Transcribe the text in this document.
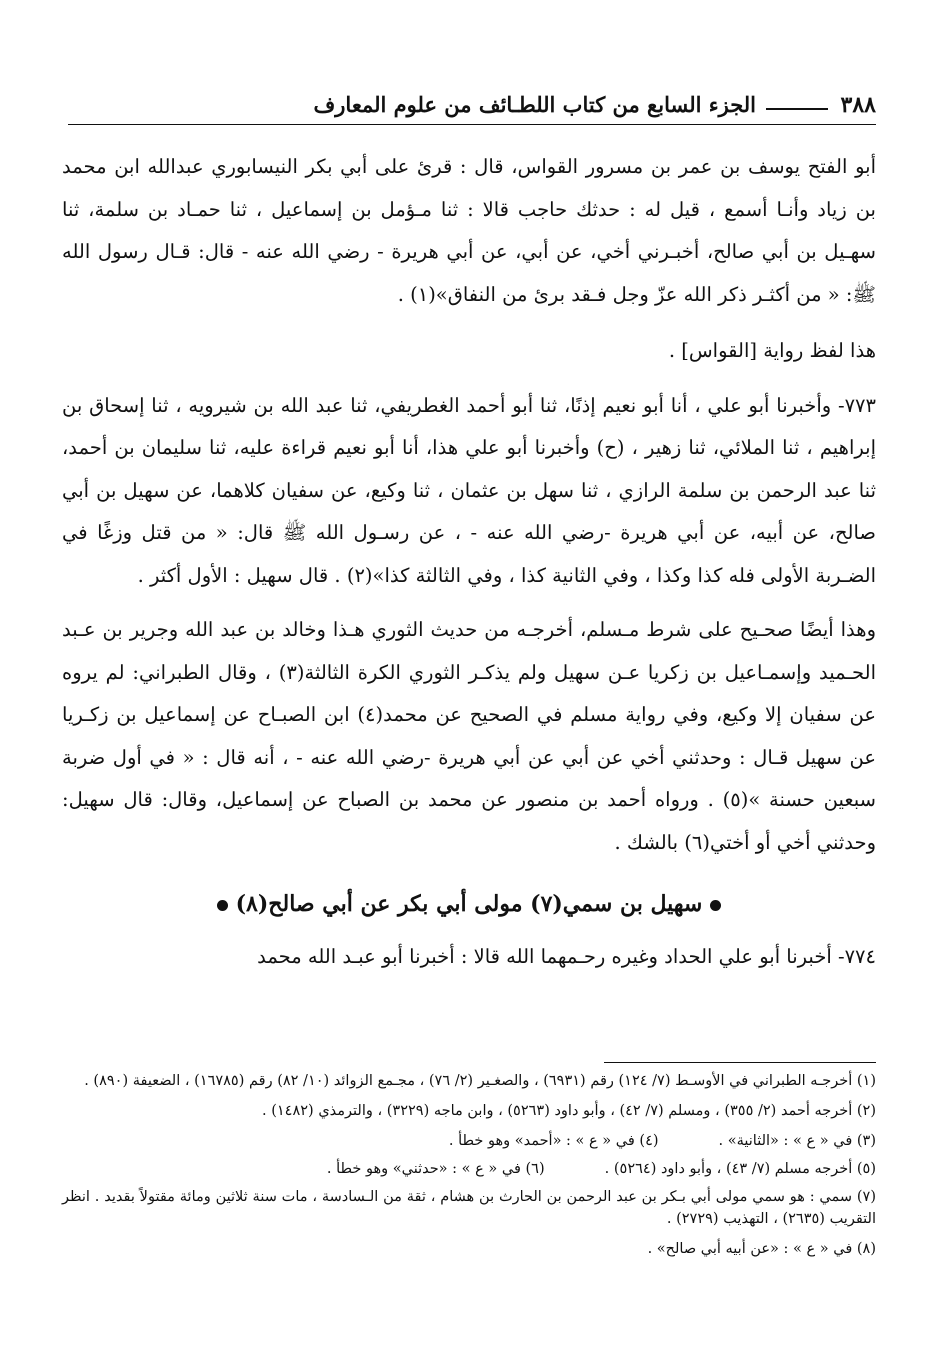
٣٨٨
الجزء السابع من كتاب اللطـائف من علوم المعارف

أبو الفتح يوسف بن عمر بن مسرور القواس، قال : قرئ على أبي بكر النيسابوري عبدالله ابن محمد بن زياد وأنـا أسمع ، قيل له : حدثك حاجب قالا : ثنا مـؤمل بن إسماعيل ، ثنا حمـاد بن سلمة، ثنا سهـيل بن أبي صالح، أخبـرني أخي، عن أبي، عن أبي هريرة - رضي الله عنه - قال: قـال رسول الله ﷺ: « من أكثـر ذكر الله عزّ وجل فـقد برئ من النفاق»(١) .

هذا لفظ رواية [القواس] .

٧٧٣- وأخبرنا أبو علي ، أنا أبو نعيم إذنًا، ثنا أبو أحمد الغطريفي، ثنا عبد الله بن شيرويه ، ثنا إسحاق بن إبراهيم ، ثنا الملائي، ثنا زهير ، (ح) وأخبرنا أبو علي هذا، أنا أبو نعيم قراءة عليه، ثنا سليمان بن أحمد، ثنا عبد الرحمن بن سلمة الرازي ، ثنا سهل بن عثمان ، ثنا وكيع، عن سفيان كلاهما، عن سهيل بن أبي صالح، عن أبيه، عن أبي هريرة -رضي الله عنه - ، عن رسـول الله ﷺ قال: « من قتل وزغًا في الضـربة الأولى فله كذا وكذا ، وفي الثانية كذا ، وفي الثالثة كذا»(٢) . قال سهيل : الأول أكثر .

وهذا أيضًا صحـيح على شرط مـسلم، أخرجـه من حديث الثوري هـذا وخالد بن عبد الله وجرير بن عـبد الحـميد وإسمـاعيل بن زكريا عـن سهيل ولم يذكـر الثوري الكرة الثالثة(٣) ، وقال الطبراني: لم يروه عن سفيان إلا وكيع، وفي رواية مسلم في الصحيح عن محمد(٤) ابن الصبـاح عن إسماعيل بن زكـريا عن سهيل قـال : وحدثني أخي عن أبي عن أبي هريرة -رضي الله عنه - ، أنه قال : « في أول ضربة سبعين حسنة »(٥) . ورواه أحمد بن منصور عن محمد بن الصباح عن إسماعيل، وقال: قال سهيل: وحدثني أخي أو أختي(٦) بالشك .

سهيل بن سمي(٧) مولى أبي بكر عن أبي صالح(٨)

٧٧٤- أخبرنا أبو علي الحداد وغيره رحـمهما الله قالا : أخبرنا أبو عبـد الله محمد

(١) أخرجـه الطبراني في الأوسـط (٧/ ١٢٤) رقم (٦٩٣١) ، والصغـير (٢/ ٧٦) ، مجـمع الزوائد (١٠/ ٨٢) رقم (١٦٧٨٥) ، الضعيفة (٨٩٠) .

(٢) أخرجه أحمد (٢/ ٣٥٥) ، ومسلم (٧/ ٤٢) ، وأبو داود (٥٢٦٣) ، وابن ماجه (٣٢٢٩) ، والترمذي (١٤٨٢) .

(٣) في « ع » : «الثانية» .
(٤) في « ع » : «أحمد» وهو خطأ .
(٥) أخرجه مسلم (٧/ ٤٣) ، وأبو داود (٥٢٦٤) .
(٦) في « ع » : «حدثني» وهو خطأ .

(٧) سمي : هو سمي مولى أبي بـكر بن عبد الرحمن بن الحارث بن هشام ، ثقة من الـسادسة ، مات سنة ثلاثين ومائة مقتولاً بقديد . انظر التقريب (٢٦٣٥) ، التهذيب (٢٧٢٩) .

(٨) في « ع » : «عن أبيه أبي صالح» .
